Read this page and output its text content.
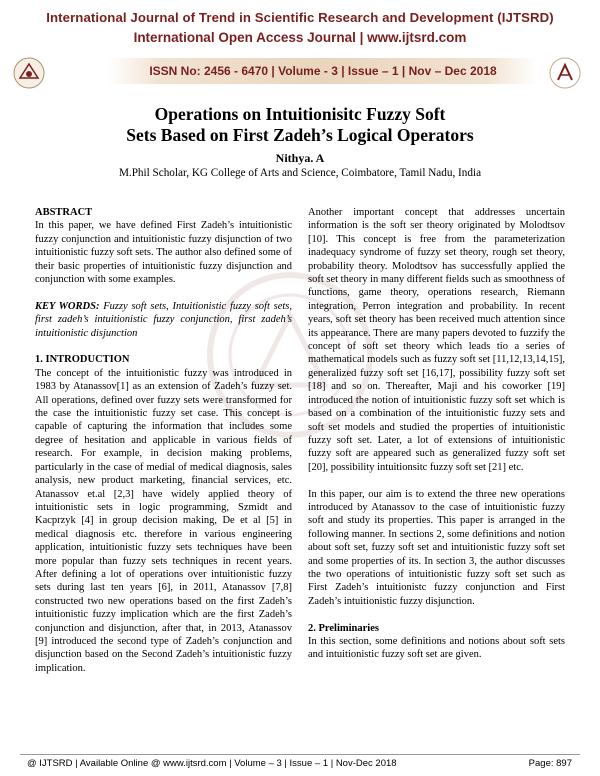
International Journal of Trend in Scientific Research and Development (IJTSRD)
International Open Access Journal | www.ijtsrd.com
ISSN No: 2456 - 6470 | Volume - 3 | Issue – 1 | Nov – Dec 2018
Operations on Intuitionisitc Fuzzy Soft
Sets Based on First Zadeh’s Logical Operators
Nithya. A
M.Phil Scholar, KG College of Arts and Science, Coimbatore, Tamil Nadu, India
ABSTRACT

In this paper, we have defined First Zadeh’s intuitionistic fuzzy conjunction and intuitionistic fuzzy disjunction of two intuitionistic fuzzy soft sets. The author also defined some of their basic properties of intuitionistic fuzzy disjunction and conjunction with some examples.

KEY WORDS: Fuzzy soft sets, Intuitionistic fuzzy soft sets, first zadeh’s intuitionistic fuzzy conjunction, first zadeh’s intuitionistic disjunction

1. INTRODUCTION

The concept of the intuitionistic fuzzy was introduced in 1983 by Atanassov[1] as an extension of Zadeh’s fuzzy set. All operations, defined over fuzzy sets were transformed for the case the intuitionistic fuzzy set case. This concept is capable of capturing the information that includes some degree of hesitation and applicable in various fields of research. For example, in decision making problems, particularly in the case of medial of medical diagnosis, sales analysis, new product marketing, financial services, etc. Atanassov et.al [2,3] have widely applied theory of intuitionistic sets in logic programming, Szmidt and Kacprzyk [4] in group decision making, De et al [5] in medical diagnosis etc. therefore in various engineering application, intuitionistic fuzzy sets techniques have been more popular than fuzzy sets techniques in recent years. After defining a lot of operations over intuitionistic fuzzy sets during last ten years [6], in 2011, Atanassov [7,8] constructed two new operations based on the first Zadeh’s intuitionistic fuzzy implication which are the first Zadeh’s conjunction and disjunction, after that, in 2013, Atanassov [9] introduced the second type of Zadeh’s conjunction and disjunction based on the Second Zadeh’s intuitionistic fuzzy implication.

Another important concept that addresses uncertain information is the soft ser theory originated by Molodtsov [10]. This concept is free from the parameterization inadequacy syndrome of fuzzy set theory, rough set theory, probability theory. Molodtsov has successfully applied the soft set theory in many different fields such as smoothness of functions, game theory, operations research, Riemann integration, Perron integration and probability. In recent years, soft set theory has been received much attention since its appearance. There are many papers devoted to fuzzify the concept of soft set theory which leads tio a series of mathematical models such as fuzzy soft set [11,12,13,14,15], generalized fuzzy soft set [16,17], possibility fuzzy soft set [18] and so on. Thereafter, Maji and his coworker [19] introduced the notion of intuitionistic fuzzy soft set which is based on a combination of the intuitionistic fuzzy sets and soft set models and studied the properties of intuitionistic fuzzy soft set. Later, a lot of extensions of intuitionistic fuzzy soft are appeared such as generalized fuzzy soft set [20], possibility intuitionsitc fuzzy soft set [21] etc.

In this paper, our aim is to extend the three new operations introduced by Atanassov to the case of intuitionistic fuzzy soft and study its properties. This paper is arranged in the following manner. In sections 2, some definitions and notion about soft set, fuzzy soft set and intuitionistic fuzzy soft set and some properties of its. In section 3, the author discusses the two operations of intuitionistic fuzzy soft set such as First Zadeh’s intuitionistc fuzzy conjunction and First Zadeh’s intuitionistic fuzzy disjunction.

2. Preliminaries

In this section, some definitions and notions about soft sets and intuitionistic fuzzy soft set are given.

@ IJTSRD | Available Online @ www.ijtsrd.com | Volume – 3 | Issue – 1 | Nov-Dec 2018	Page: 897
